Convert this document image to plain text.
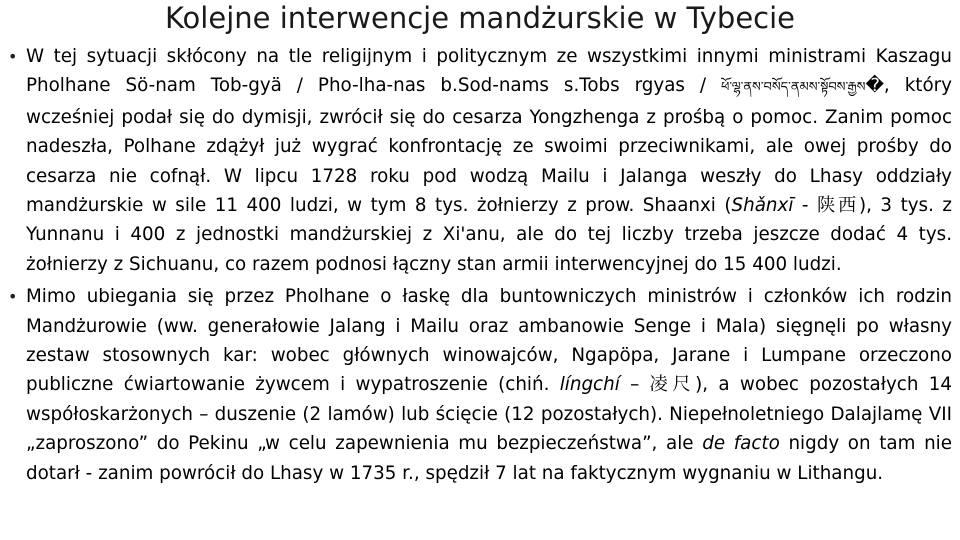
Kolejne interwencje mandżurskie w Tybecie
• W tej sytuacji skłócony na tle religijnym i politycznym ze wszystkimi innymi ministrami Kaszagu Pholhane Sö-nam Tob-gyä / Pho-lha-nas b.Sod-nams s.Tobs rgyas / ཕོ་ལྷ་ནས་བསོད་ནམས་སྟོབས་རྒྱས�, który wcześniej podał się do dymisji, zwrócił się do cesarza Yongzhenga z prośbą o pomoc. Zanim pomoc nadeszła, Polhane zdążył już wygrać konfrontację ze swoimi przeciwnikami, ale owej prośby do cesarza nie cofnął. W lipcu 1728 roku pod wodzą Mailu i Jalanga weszły do Lhasy oddziały mandżurskie w sile 11 400 ludzi, w tym 8 tys. żołnierzy z prow. Shaanxi (Shǎnxī - 陕西), 3 tys. z Yunnanu i 400 z jednostki mandżurskiej z Xi'anu, ale do tej liczby trzeba jeszcze dodać 4 tys. żołnierzy z Sichuanu, co razem podnosi łączny stan armii interwencyjnej do 15 400 ludzi.

• Mimo ubiegania się przez Pholhane o łaskę dla buntowniczych ministrów i członków ich rodzin Mandżurowie (ww. generałowie Jalang i Mailu oraz ambanowie Senge i Mala) sięgnęli po własny zestaw stosownych kar: wobec głównych winowajców, Ngapöpa, Jarane i Lumpane orzeczono publiczne ćwiartowanie żywcem i wypatroszenie (chiń. língchí – 凌尺), a wobec pozostałych 14 współoskarżonych – duszenie (2 lamów) lub ścięcie (12 pozostałych). Niepełnoletniego Dalajlamę VII „zaproszono” do Pekinu „w celu zapewnienia mu bezpieczeństwa”, ale de facto nigdy on tam nie dotarł - zanim powrócił do Lhasy w 1735 r., spędził 7 lat na faktycznym wygnaniu w Lithangu.
